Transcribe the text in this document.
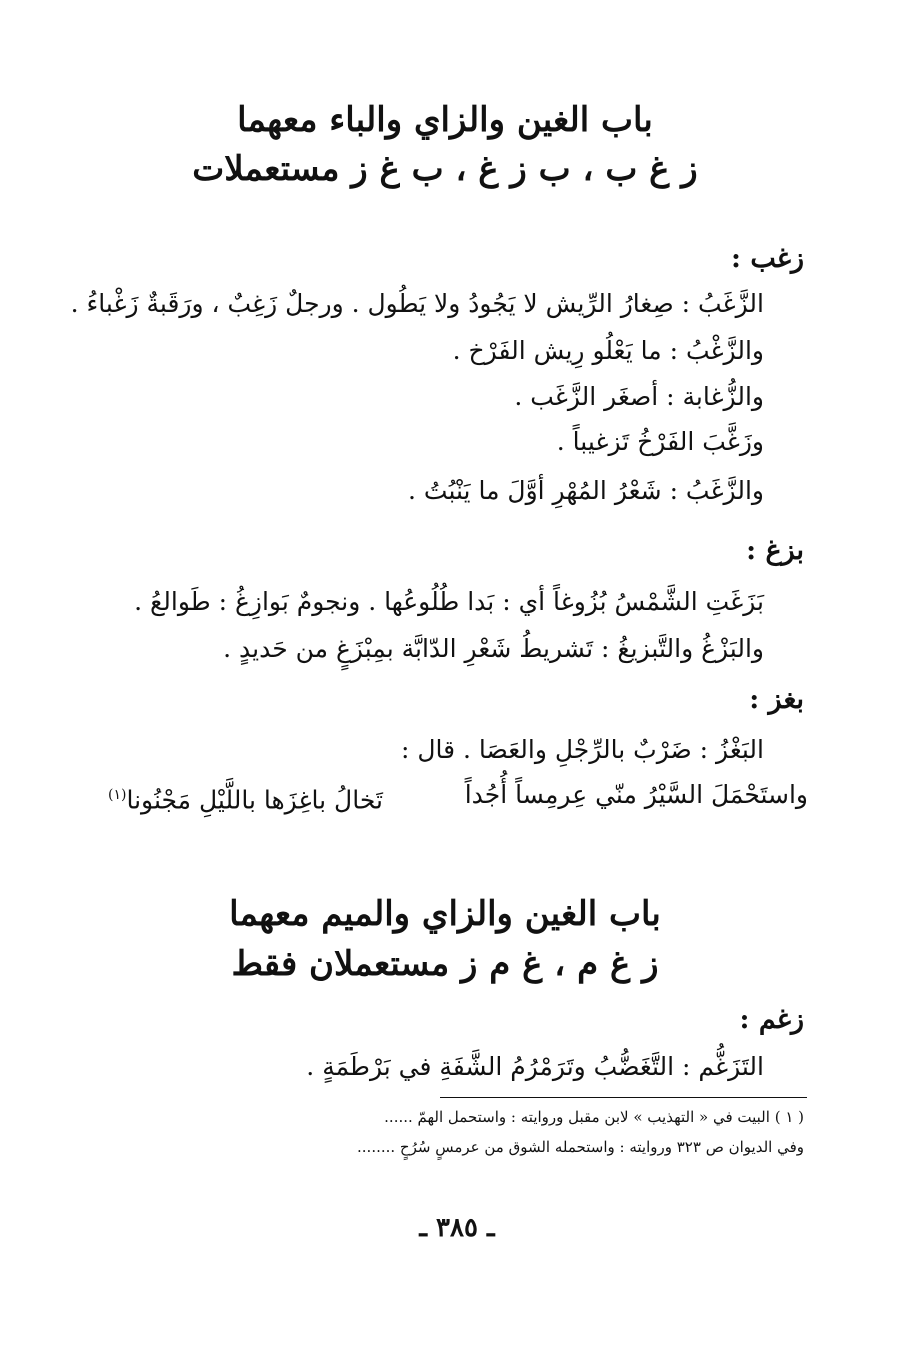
باب الغين والزاي والباء معهما
ز غ ب ، ب ز غ ، ب غ ز مستعملات
زغب :
الزَّغَبُ : صِغارُ الرِّيش لا يَجُودُ ولا يَطُول . ورجلٌ زَغِبٌ ، ورَقَبةٌ زَغْباءُ .
والزَّغْبُ : ما يَعْلُو رِيش الفَرْخ .
والزُّغابة : أصغَر الزَّغَب .
وزَغَّبَ الفَرْخُ تَزغيباً .
والزَّغَبُ : شَعْرُ المُهْرِ أوَّلَ ما يَنْبُتُ .
بزغ :
بَزَغَتِ الشَّمْسُ بُزُوغاً أي : بَدا طُلُوعُها . ونجومٌ بَوازِغُ : طَوالعُ .
والبَزْغُ والتَّبزيغُ : تَشريطُ شَعْرِ الدّابَّة بمِبْزَغٍ من حَديدٍ .
بغز :
البَغْزُ : ضَرْبٌ بالرِّجْلِ والعَصَا . قال :
واستَحْمَلَ السَّيْرُ منّي عِرمِساً أُجُداً
تَخالُ باغِزَها باللَّيْلِ مَجْنُونا$^{(١)}$
باب الغين والزاي والميم معهما
ز غ م ، غ م ز مستعملان فقط
زغم :
التَزَغُّم : التَّغَضُّبُ وتَرَمْرُمُ الشَّفَةِ في بَرْطَمَةٍ .
( ١ ) البيت في « التهذيب » لابن مقبل وروايته : واستحمل الهمّ ......
وفي الديوان ص ٣٢٣ وروايته : واستحمله الشوق من عرمسٍ سُرُحٍ ........
ـ ٣٨٥ ـ
